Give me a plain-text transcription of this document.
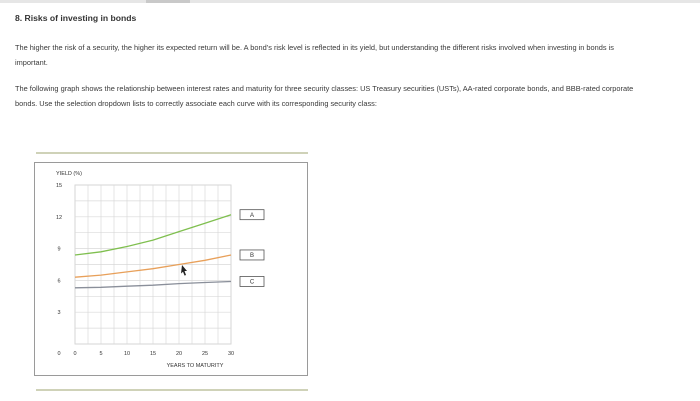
8. Risks of investing in bonds

The higher the risk of a security, the higher its expected return will be. A bond’s risk level is reflected in its yield, but understanding the different risks involved when investing in bonds is important.

The following graph shows the relationship between interest rates and maturity for three security classes: US Treasury securities (USTs), AA-rated corporate bonds, and BBB-rated corporate bonds. Use the selection dropdown lists to correctly associate each curve with its corresponding security class:

0	5	10	15	20	25	30
15
12
9
6
3
0
YIELD (%)
YEARS TO MATURITY
A
B
C
